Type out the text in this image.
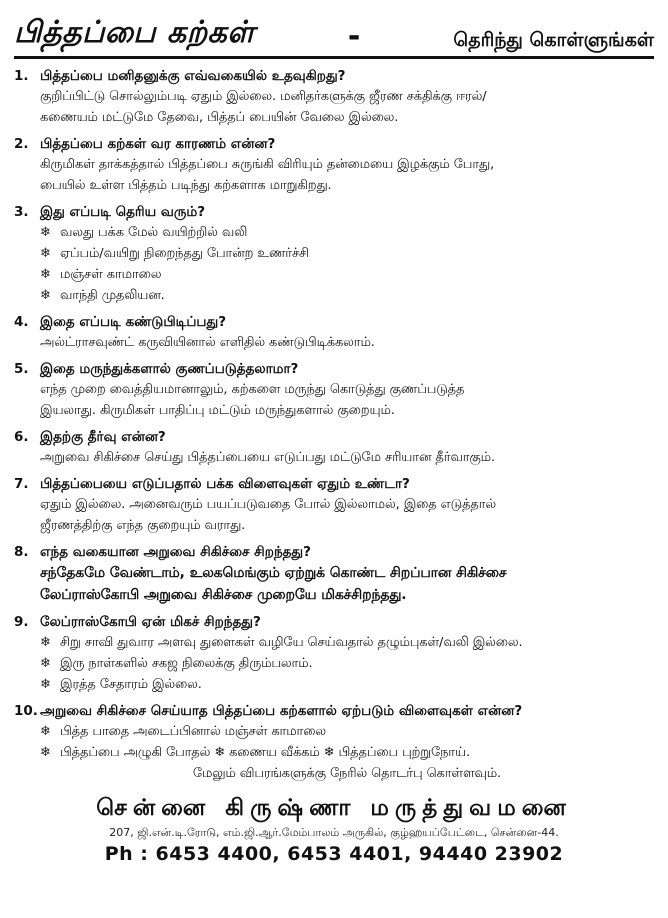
பித்தப்பை கற்கள்	-	தெரிந்து கொள்ளுங்கள்
1. பித்தப்பை மனிதனுக்கு எவ்வகையில் உதவுகிறது?
குறிப்பிட்டு சொல்லும்படி ஏதும் இல்லை. மனிதர்களுக்கு ஜீரண சக்திக்கு ஈரல்/
கணையம் மட்டுமே தேவை, பித்தப் பையின் வேலை இல்லை.
2. பித்தப்பை கற்கள் வர காரணம் என்ன?
கிருமிகள் தாக்கத்தால் பித்தப்பை சுருங்கி விரியும் தன்மையை இழக்கும் போது,
பையில் உள்ள பித்தம் படிந்து கற்களாக மாறுகிறது.
3. இது எப்படி தெரிய வரும்?
❄ வலது பக்க மேல் வயிற்றில் வலி
❄ ஏப்பம்/வயிறு நிறைந்தது போன்ற உணர்ச்சி
❄ மஞ்சள் காமாலை
❄ வாந்தி முதலியன.
4. இதை எப்படி கண்டுபிடிப்பது?
அல்ட்ராசவுண்ட் கருவியினால் எளிதில் கண்டுபிடிக்கலாம்.
5. இதை மருந்துக்களால் குணப்படுத்தலாமா?
எந்த முறை வைத்தியமானாலும், கற்களை மருந்து கொடுத்து குணப்படுத்த
இயலாது. கிருமிகள் பாதிப்பு மட்டும் மருந்துகளால் குறையும்.
6. இதற்கு தீர்வு என்ன?
அறுவை சிகிச்சை செய்து பித்தப்பையை எடுப்பது மட்டுமே சரியான தீர்வாகும்.
7. பித்தப்பையை எடுப்பதால் பக்க விளைவுகள் ஏதும் உண்டா?
ஏதும் இல்லை. அனைவரும் பயப்படுவதை போல் இல்லாமல், இதை எடுத்தால்
ஜீரணத்திற்கு எந்த குறையும் வராது.
8. எந்த வகையான அறுவை சிகிச்சை சிறந்தது?
சந்தேகமே வேண்டாம், உலகமெங்கும் ஏற்றுக் கொண்ட சிறப்பான சிகிச்சை
லேப்ராஸ்கோபி அறுவை சிகிச்சை முறையே மிகச்சிறந்தது.
9. லேப்ராஸ்கோபி ஏன் மிகச் சிறந்தது?
❄ சிறு சாவி துவார அளவு துளைகள் வழியே செய்வதால் தழும்புகள்/வலி இல்லை.
❄ இரு நாள்களில் சகஜ நிலைக்கு திரும்பலாம்.
❄ இரத்த சேதாரம் இல்லை.
10. அறுவை சிகிச்சை செய்யாத பித்தப்பை கற்களால் ஏற்படும் விளைவுகள் என்ன?
❄ பித்த பாதை அடைப்பினால் மஞ்சள் காமாலை
❄ பித்தப்பை அழுகி போதல் ❄ கணைய வீக்கம் ❄ பித்தப்பை புற்றுநோய்.
மேலும் விபரங்களுக்கு நேரில் தொடர்பு கொள்ளவும்.
சென்னை கிருஷ்ணா மருத்துவமனை
207, ஜி.என்.டி.ரோடு, எம்.ஜி.ஆர்.மேம்பாலம் அருகில், குழ்ஹயப்பேட்டை, சென்னை-44.
Ph : 6453 4400, 6453 4401, 94440 23902
